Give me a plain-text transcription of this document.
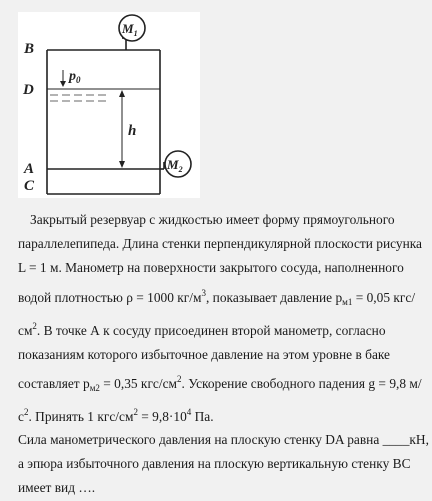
B
D
A
C
$p_0$
h
$M_1$
$M_2$

Закрытый резервуар с жидкостью имеет форму прямоугольного параллелепипеда. Длина стенки перпендикулярной плоскости рисунка L = 1 м. Манометр на поверхности закрытого сосуда, наполненного водой плотностью ρ = 1000 $кг/м^3$, показывает давление $p_{м1} = 0,05$ кгс/$см^2$. В точке А к сосуду присоединен второй манометр, согласно показаниям которого избыточное давление на этом уровне в баке составляет $p_{м2} = 0,35$ кгс/$см^2$. Ускорение свободного падения g = 9,8 $м/с^2$. Принять 1 кгс/$см^2 = 9,8\cdot 10^4$ Па.

Сила манометрического давления на плоскую стенку DA равна ____кН, а эпюра избыточного давления на плоскую вертикальную стенку BC имеет вид ….
